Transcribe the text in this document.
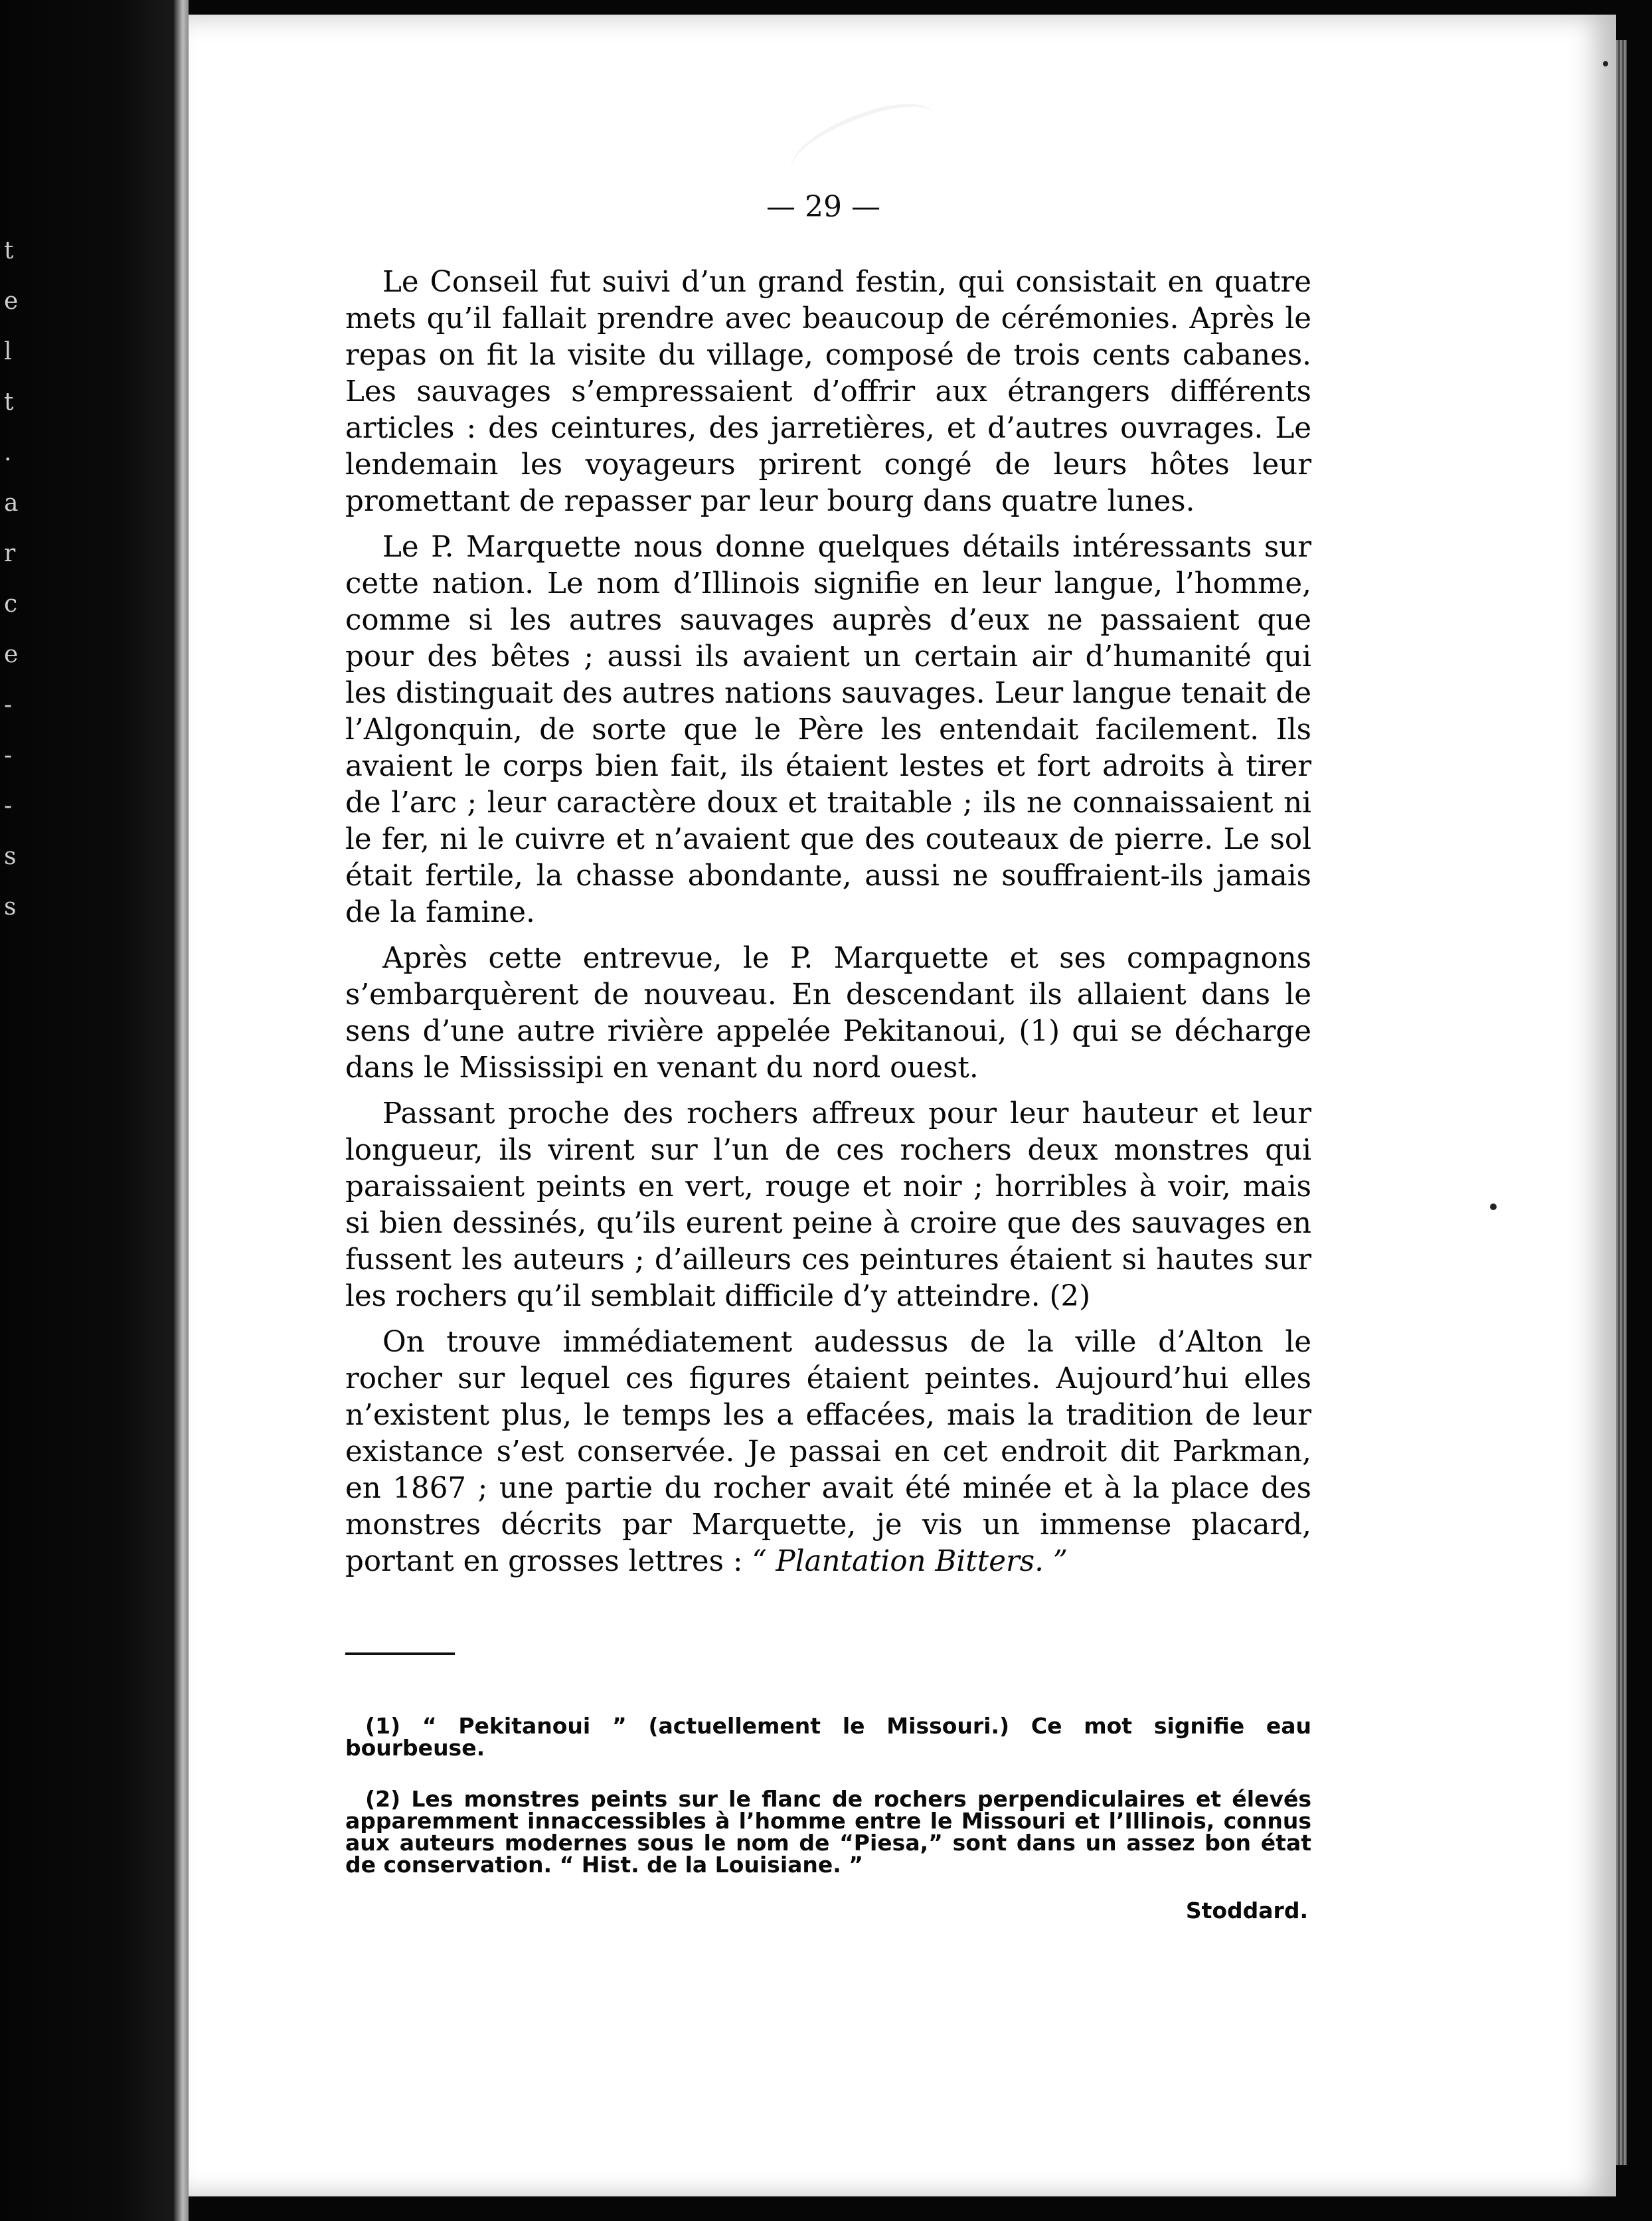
t
e
l
t
.
a
r
c
e
-
-
-
s
s
— 29 —

Le Conseil fut suivi d’un grand festin, qui consistait en quatre mets qu’il fallait prendre avec beaucoup de cérémonies. Après le repas on fit la visite du village, composé de trois cents cabanes. Les sauvages s’empressaient d’offrir aux étrangers différents articles : des ceintures, des jarretières, et d’autres ouvrages. Le lendemain les voyageurs prirent congé de leurs hôtes leur promettant de repasser par leur bourg dans quatre lunes.

Le P. Marquette nous donne quelques détails intéressants sur cette nation. Le nom d’Illinois signifie en leur langue, l’homme, comme si les autres sauvages auprès d’eux ne passaient que pour des bêtes ; aussi ils avaient un certain air d’humanité qui les distinguait des autres nations sauvages. Leur langue tenait de l’Algonquin, de sorte que le Père les entendait facilement. Ils avaient le corps bien fait, ils étaient lestes et fort adroits à tirer de l’arc ; leur caractère doux et traitable ; ils ne connaissaient ni le fer, ni le cuivre et n’avaient que des couteaux de pierre. Le sol était fertile, la chasse abondante, aussi ne souffraient-ils jamais de la famine.

Après cette entrevue, le P. Marquette et ses compagnons s’embarquèrent de nouveau. En descendant ils allaient dans le sens d’une autre rivière appelée Pekitanoui, (1) qui se décharge dans le Mississipi en venant du nord ouest.

Passant proche des rochers affreux pour leur hauteur et leur longueur, ils virent sur l’un de ces rochers deux monstres qui paraissaient peints en vert, rouge et noir ; horribles à voir, mais si bien dessinés, qu’ils eurent peine à croire que des sauvages en fussent les auteurs ; d’ailleurs ces peintures étaient si hautes sur les rochers qu’il semblait difficile d’y atteindre. (2)

On trouve immédiatement audessus de la ville d’Alton le rocher sur lequel ces figures étaient peintes. Aujourd’hui elles n’existent plus, le temps les a effacées, mais la tradition de leur existance s’est conservée. Je passai en cet endroit dit Parkman, en 1867 ; une partie du rocher avait été minée et à la place des monstres décrits par Marquette, je vis un immense placard, portant en grosses lettres : “ Plantation Bitters. ”

(1) “ Pekitanoui ” (actuellement le Missouri.) Ce mot signifie eau bourbeuse.

(2) Les monstres peints sur le flanc de rochers perpendiculaires et élevés apparemment innaccessibles à l’homme entre le Missouri et l’Illinois, connus aux auteurs modernes sous le nom de “Piesa,” sont dans un assez bon état de conservation. “ Hist. de la Louisiane. ”

Stoddard.
